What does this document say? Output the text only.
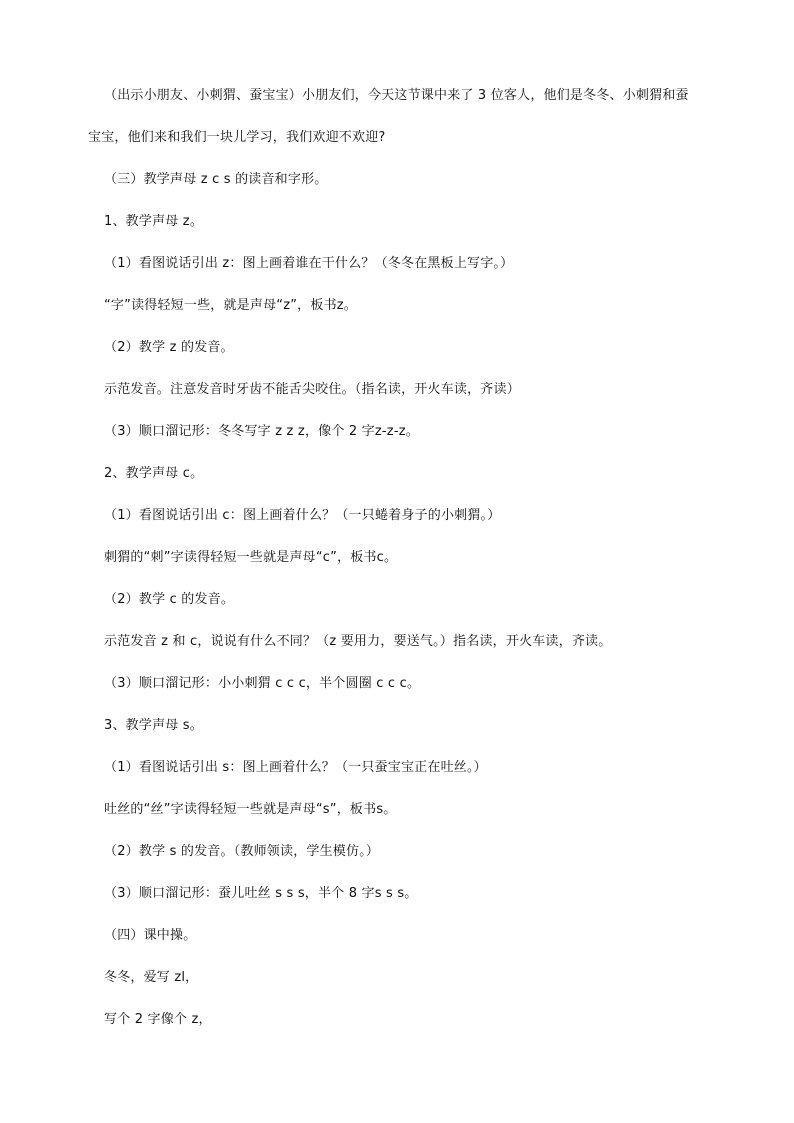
（出示小朋友、小刺猬、蚕宝宝）小朋友们，今天这节课中来了 3 位客人，他们是冬冬、小刺猬和蚕
宝宝，他们来和我们一块儿学习，我们欢迎不欢迎?
（三）教学声母 z c s 的读音和字形。
1、教学声母 z。
（1）看图说话引出 z：图上画着谁在干什么？（冬冬在黑板上写字。）
“字”读得轻短一些，就是声母“z”，板书z。
（2）教学 z 的发音。
示范发音。注意发音时牙齿不能舌尖咬住。（指名读，开火车读，齐读）
（3）顺口溜记形：冬冬写字 z z z，像个 2 字z-z-z。
2、教学声母 c。
（1）看图说话引出 c：图上画着什么？（一只蜷着身子的小刺猬。）
刺猬的“刺”字读得轻短一些就是声母“c”，板书c。
（2）教学 c 的发音。
示范发音 z 和 c，说说有什么不同？（z 要用力，要送气。）指名读，开火车读，齐读。
（3）顺口溜记形：小小刺猬 c c c，半个圆圈 c c c。
3、教学声母 s。
（1）看图说话引出 s：图上画着什么？（一只蚕宝宝正在吐丝。）
吐丝的“丝”字读得轻短一些就是声母“s”，板书s。
（2）教学 s 的发音。（教师领读，学生模仿。）
（3）顺口溜记形：蚕儿吐丝 s s s，半个 8 字s s s。
（四）课中操。
冬冬，爱写 zl，
写个 2 字像个 z，
